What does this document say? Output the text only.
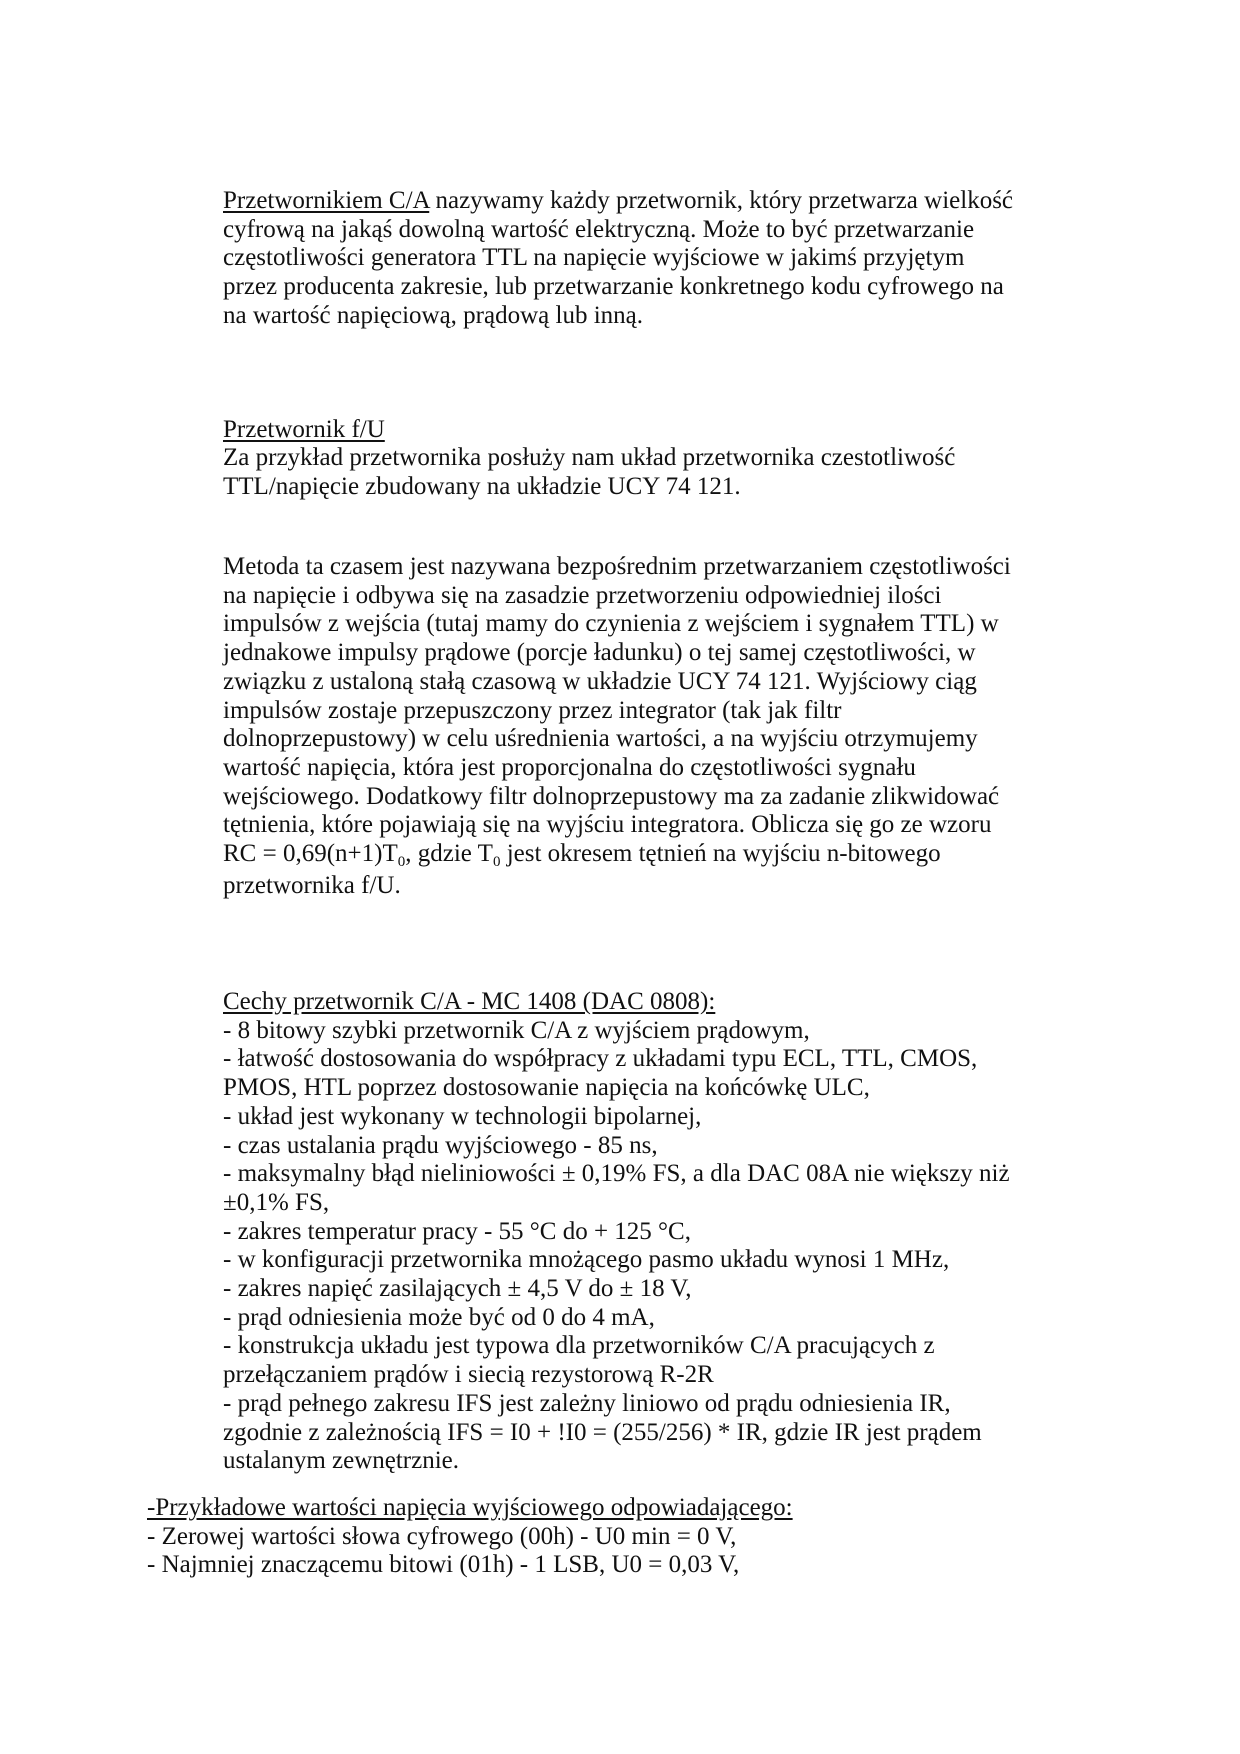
Przetwornikiem C/A nazywamy każdy przetwornik, który przetwarza wielkość
cyfrową na jakąś dowolną wartość elektryczną. Może to być przetwarzanie
częstotliwości generatora TTL na napięcie wyjściowe w jakimś przyjętym
przez producenta zakresie, lub przetwarzanie konkretnego kodu cyfrowego na
na wartość napięciową, prądową lub inną.
Przetwornik f/U
Za przykład przetwornika posłuży nam układ przetwornika czestotliwość
TTL/napięcie zbudowany na układzie UCY 74 121.
Metoda ta czasem jest nazywana bezpośrednim przetwarzaniem częstotliwości
na napięcie i odbywa się na zasadzie przetworzeniu odpowiedniej ilości
impulsów z wejścia (tutaj mamy do czynienia z wejściem i sygnałem TTL) w
jednakowe impulsy prądowe (porcje ładunku) o tej samej częstotliwości, w
związku z ustaloną stałą czasową w układzie UCY 74 121. Wyjściowy ciąg
impulsów zostaje przepuszczony przez integrator (tak jak filtr
dolnoprzepustowy) w celu uśrednienia wartości, a na wyjściu otrzymujemy
wartość napięcia, która jest proporcjonalna do częstotliwości sygnału
wejściowego. Dodatkowy filtr dolnoprzepustowy ma za zadanie zlikwidować
tętnienia, które pojawiają się na wyjściu integratora. Oblicza się go ze wzoru
RC = $0,69(n+1)T_0$, gdzie $T_0$ jest okresem tętnień na wyjściu n-bitowego
przetwornika f/U.
Cechy przetwornik C/A - MC 1408 (DAC 0808):
- 8 bitowy szybki przetwornik C/A z wyjściem prądowym,
- łatwość dostosowania do współpracy z układami typu ECL, TTL, CMOS,
PMOS, HTL poprzez dostosowanie napięcia na końcówkę ULC,
- układ jest wykonany w technologii bipolarnej,
- czas ustalania prądu wyjściowego - 85 ns,
- maksymalny błąd nieliniowości ± 0,19% FS, a dla DAC 08A nie większy niż
±0,1% FS,
- zakres temperatur pracy - 55 °C do + 125 °C,
- w konfiguracji przetwornika mnożącego pasmo układu wynosi 1 MHz,
- zakres napięć zasilających ± 4,5 V do ± 18 V,
- prąd odniesienia może być od 0 do 4 mA,
- konstrukcja układu jest typowa dla przetworników C/A pracujących z
przełączaniem prądów i siecią rezystorową R-2R
- prąd pełnego zakresu IFS jest zależny liniowo od prądu odniesienia IR,
zgodnie z zależnością IFS = I0 + !I0 = (255/256) * IR, gdzie IR jest prądem
ustalanym zewnętrznie.
-Przykładowe wartości napięcia wyjściowego odpowiadającego:
- Zerowej wartości słowa cyfrowego (00h) - U0 min = 0 V,
- Najmniej znaczącemu bitowi (01h) - 1 LSB, U0 = 0,03 V,
